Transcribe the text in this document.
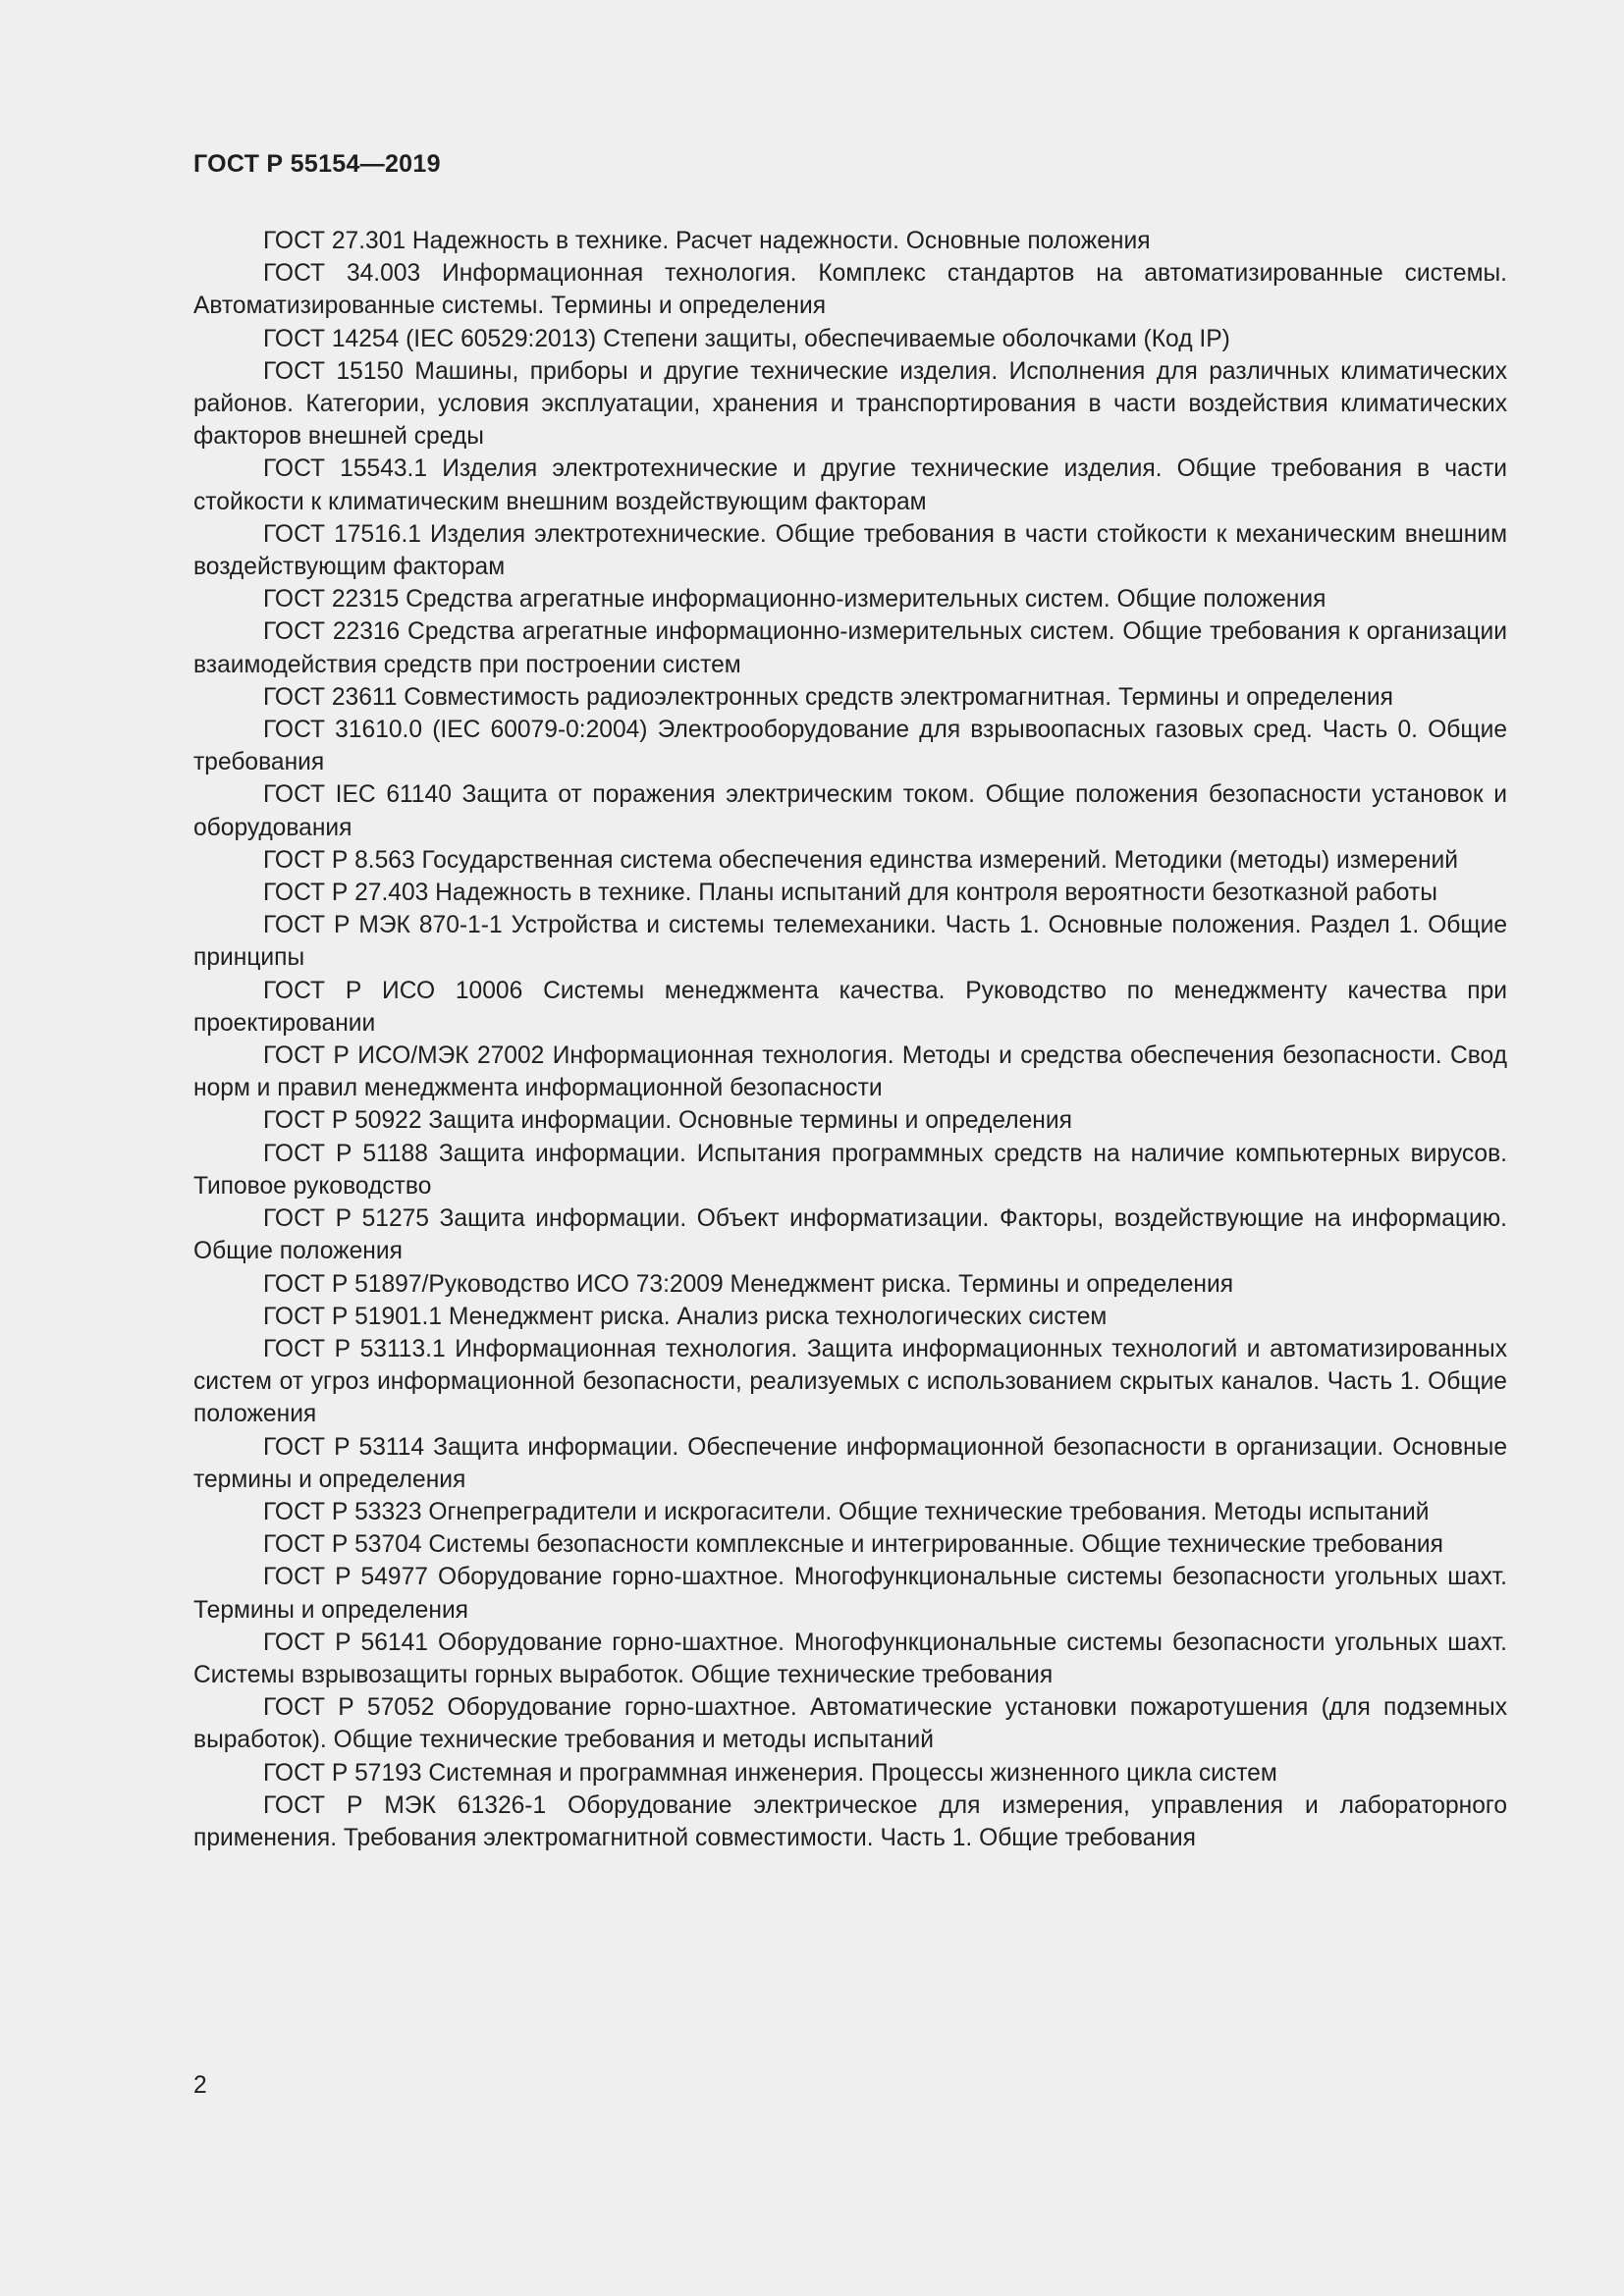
ГОСТ Р 55154—2019
ГОСТ 27.301 Надежность в технике. Расчет надежности. Основные положения
ГОСТ 34.003 Информационная технология. Комплекс стандартов на автоматизированные системы. Автоматизированные системы. Термины и определения
ГОСТ 14254 (IEC 60529:2013) Степени защиты, обеспечиваемые оболочками (Код IP)
ГОСТ 15150 Машины, приборы и другие технические изделия. Исполнения для различных климатических районов. Категории, условия эксплуатации, хранения и транспортирования в части воздействия климатических факторов внешней среды
ГОСТ 15543.1 Изделия электротехнические и другие технические изделия. Общие требования в части стойкости к климатическим внешним воздействующим факторам
ГОСТ 17516.1 Изделия электротехнические. Общие требования в части стойкости к механическим внешним воздействующим факторам
ГОСТ 22315 Средства агрегатные информационно-измерительных систем. Общие положения
ГОСТ 22316 Средства агрегатные информационно-измерительных систем. Общие требования к организации взаимодействия средств при построении систем
ГОСТ 23611 Совместимость радиоэлектронных средств электромагнитная. Термины и определения
ГОСТ 31610.0 (IEC 60079-0:2004) Электрооборудование для взрывоопасных газовых сред. Часть 0. Общие требования
ГОСТ IEC 61140 Защита от поражения электрическим током. Общие положения безопасности установок и оборудования
ГОСТ Р 8.563 Государственная система обеспечения единства измерений. Методики (методы) измерений
ГОСТ Р 27.403 Надежность в технике. Планы испытаний для контроля вероятности безотказной работы
ГОСТ Р МЭК 870-1-1 Устройства и системы телемеханики. Часть 1. Основные положения. Раздел 1. Общие принципы
ГОСТ Р ИСО 10006 Системы менеджмента качества. Руководство по менеджменту качества при проектировании
ГОСТ Р ИСО/МЭК 27002 Информационная технология. Методы и средства обеспечения безопасности. Свод норм и правил менеджмента информационной безопасности
ГОСТ Р 50922 Защита информации. Основные термины и определения
ГОСТ Р 51188 Защита информации. Испытания программных средств на наличие компьютерных вирусов. Типовое руководство
ГОСТ Р 51275 Защита информации. Объект информатизации. Факторы, воздействующие на информацию. Общие положения
ГОСТ Р 51897/Руководство ИСО 73:2009 Менеджмент риска. Термины и определения
ГОСТ Р 51901.1 Менеджмент риска. Анализ риска технологических систем
ГОСТ Р 53113.1 Информационная технология. Защита информационных технологий и автоматизированных систем от угроз информационной безопасности, реализуемых с использованием скрытых каналов. Часть 1. Общие положения
ГОСТ Р 53114 Защита информации. Обеспечение информационной безопасности в организации. Основные термины и определения
ГОСТ Р 53323 Огнепреградители и искрогасители. Общие технические требования. Методы испытаний
ГОСТ Р 53704 Системы безопасности комплексные и интегрированные. Общие технические требования
ГОСТ Р 54977 Оборудование горно-шахтное. Многофункциональные системы безопасности угольных шахт. Термины и определения
ГОСТ Р 56141 Оборудование горно-шахтное. Многофункциональные системы безопасности угольных шахт. Системы взрывозащиты горных выработок. Общие технические требования
ГОСТ Р 57052 Оборудование горно-шахтное. Автоматические установки пожаротушения (для подземных выработок). Общие технические требования и методы испытаний
ГОСТ Р 57193 Системная и программная инженерия. Процессы жизненного цикла систем
ГОСТ Р МЭК 61326-1 Оборудование электрическое для измерения, управления и лабораторного применения. Требования электромагнитной совместимости. Часть 1. Общие требования
2
